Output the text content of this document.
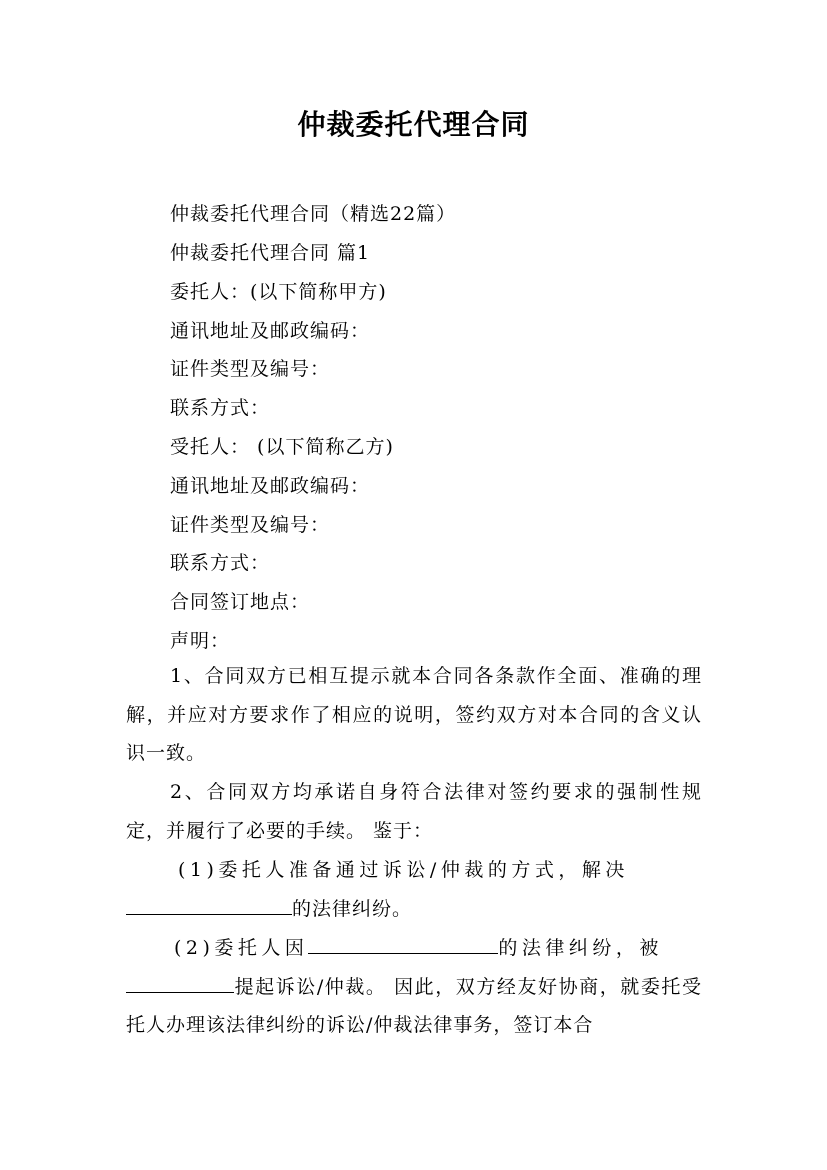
仲裁委托代理合同
仲裁委托代理合同（精选22篇）
仲裁委托代理合同 篇1
委托人：(以下简称甲方)
通讯地址及邮政编码：
证件类型及编号：
联系方式：
受托人： (以下简称乙方)
通讯地址及邮政编码：
证件类型及编号：
联系方式：
合同签订地点：
声明：
1、合同双方已相互提示就本合同各条款作全面、准确的理解，并应对方要求作了相应的说明，签约双方对本合同的含义认识一致。
2、合同双方均承诺自身符合法律对签约要求的强制性规定，并履行了必要的手续。 鉴于：
(1)委托人准备通过诉讼/仲裁的方式，解决
的法律纠纷。
(2)委托人因	的法律纠纷，被
提起诉讼/仲裁。 因此，双方经友好协商，就委托受托人办理该法律纠纷的诉讼/仲裁法律事务，签订本合
